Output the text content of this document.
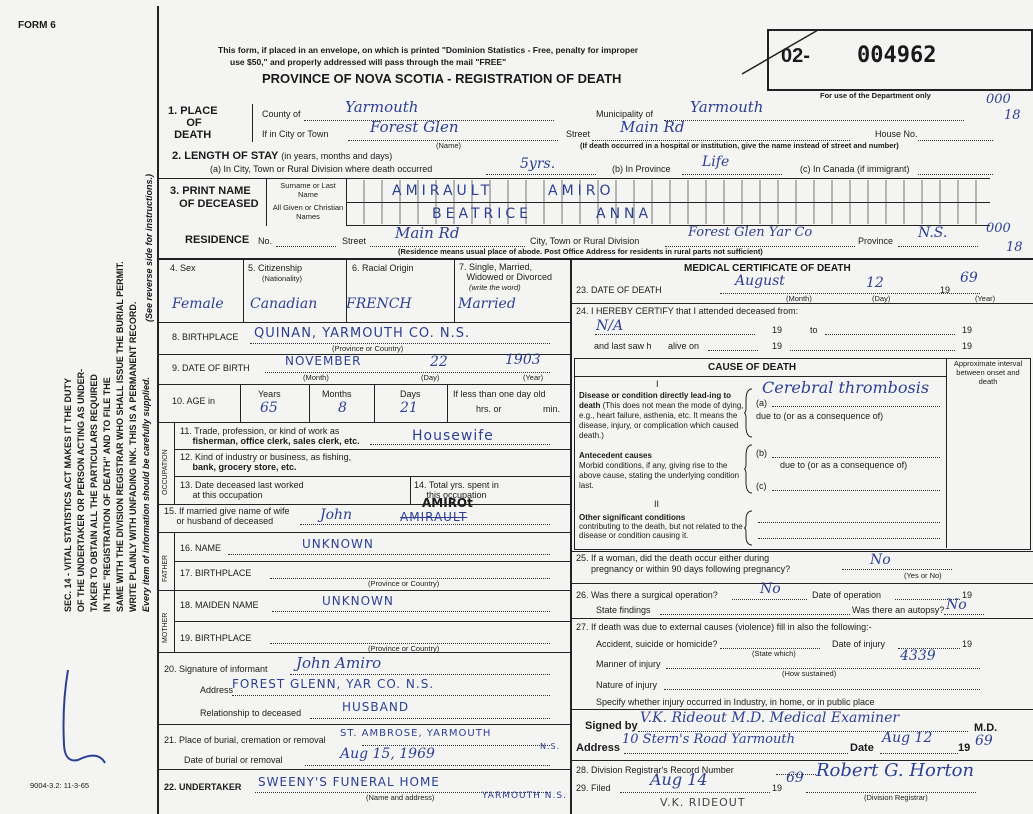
FORM 6
SEC. 14 - VITAL STATISTICS ACT MAKES IT THE DUTY OF THE UNDERTAKER OR PERSON ACTING AS UNDER- TAKER TO OBTAIN ALL THE PARTICULARS REQUIRED IN THE "REGISTRATION OF DEATH" AND TO FILE THE SAME WITH THE DIVISION REGISTRAR WHO SHALL ISSUE THE BURIAL PERMIT. WRITE PLAINLY WITH UNFADING INK. THIS IS A PERMANENT RECORD. Every item of information should be carefully supplied.
(See reverse side for instructions.)
9004-3.2: 11-3-65
This form, if placed in an envelope, on which is printed "Dominion Statistics - Free, penalty for improper
use $50," and properly addressed will pass through the mail "FREE"
PROVINCE OF NOVA SCOTIA - REGISTRATION OF DEATH
02- 004962
For use of the Department only	000
18
1. PLACE
OF
DEATH
County of	Yarmouth	Municipality of Yarmouth
If in City or Town	Forest Glen
(Name)
Street Main Rd	House No.
(If death occurred in a hospital or institution, give the name instead of street and number)
2. LENGTH OF STAY (in years, months and days)
(a) In City, Town or Rural Division where death occurred	5yrs.	(b) In Province Life	(c) In Canada (if immigrant)
3. PRINT NAME
OF DECEASED
Surname or Last Name
All Given or Christian Names
AMIRAULT	AMIRO
BEATRICE	ANNA
RESIDENCE No.	Street Main Rd	City, Town or Rural Division
Forest Glen Yar Co
Province N.S.	000
18
(Residence means usual place of abode. Post Office Address for residents in rural parts not sufficient)
4. Sex	5. Citizenship
(Nationality)
6. Racial Origin	7. Single, Married,
Widowed or Divorced
(write the word)
Female Canadian FRENCH	Married
8. BIRTHPLACE QUINAN, YARMOUTH CO. N.S.
(Province or Country)
9. DATE OF BIRTH	NOVEMBER	22	1903
(Month)	(Day)	(Year)
10. AGE in
Years	Months	Days
65	8	21
If less than one day old
hrs. or	min.
OCCUPATION
11. Trade, profession, or kind of work as
fisherman, office clerk, sales clerk, etc.	Housewife
12. Kind of industry or business, as fishing,
bank, grocery store, etc.
13. Date deceased last worked
at this occupation
14. Total yrs. spent in
this occupation
15. If married give name of wife
or husband of deceased	John	AMIRAULT
AMIROt
FATHER
16. NAME	UNKNOWN
17. BIRTHPLACE
(Province or Country)
MOTHER
18. MAIDEN NAME	UNKNOWN
19. BIRTHPLACE
(Province or Country)
20. Signature of informant John Amiro
Address
FOREST GLENN, YAR CO. N.S.
Relationship to deceased	HUSBAND
21. Place of burial, cremation or removal
ST. AMBROSE, YARMOUTH
N.S.
Date of burial or removal	Aug 15, 1969
22. UNDERTAKER SWEENY'S FUNERAL HOME
YARMOUTH N.S.
(Name and address)
MEDICAL CERTIFICATE OF DEATH
23. DATE OF DEATH
August	12	19
69
(Month)	(Day)	(Year)
24. I HEREBY CERTIFY that I attended deceased from:
N/A	19	to	19
and last saw h alive on	19	19
CAUSE OF DEATH	Approximate interval between onset and death
I
Disease or condition directly lead-ing to death (This does not mean the mode of dying, e.g., heart failure, asthenia, etc. It means the disease, injury, or complication which caused death.)
(a)
Cerebral thrombosis
due to (or as a consequence of)
Antecedent causes
Morbid conditions, if any, giving rise to the above cause, stating the underlying condition last.
(b)
due to (or as a consequence of)
(c)
II
Other significant conditions
contributing to the death, but not related to the disease or condition causing it.
25. If a woman, did the death occur either during
pregnancy or within 90 days following pregnancy?
No
(Yes or No)
26. Was there a surgical operation?	No	Date of operation	19
State findings	Was there an autopsy? No
27. If death was due to external causes (violence) fill in also the following:-
Accident, suicide or homicide?
(State which)
Date of injury	19
Manner of injury	4339
(How sustained)
Nature of injury
Specify whether injury occurred in Industry, in home, or in public place
Signed by V.K. Rideout M.D. Medical Examiner
M.D.
Address
10 Stern's Road Yarmouth
Date
Aug 12
19 69
28. Division Registrar's Record Number
29. Filed Aug 14	19
69 Robert G. Horton
(Division Registrar)
V.K. RIDEOUT
